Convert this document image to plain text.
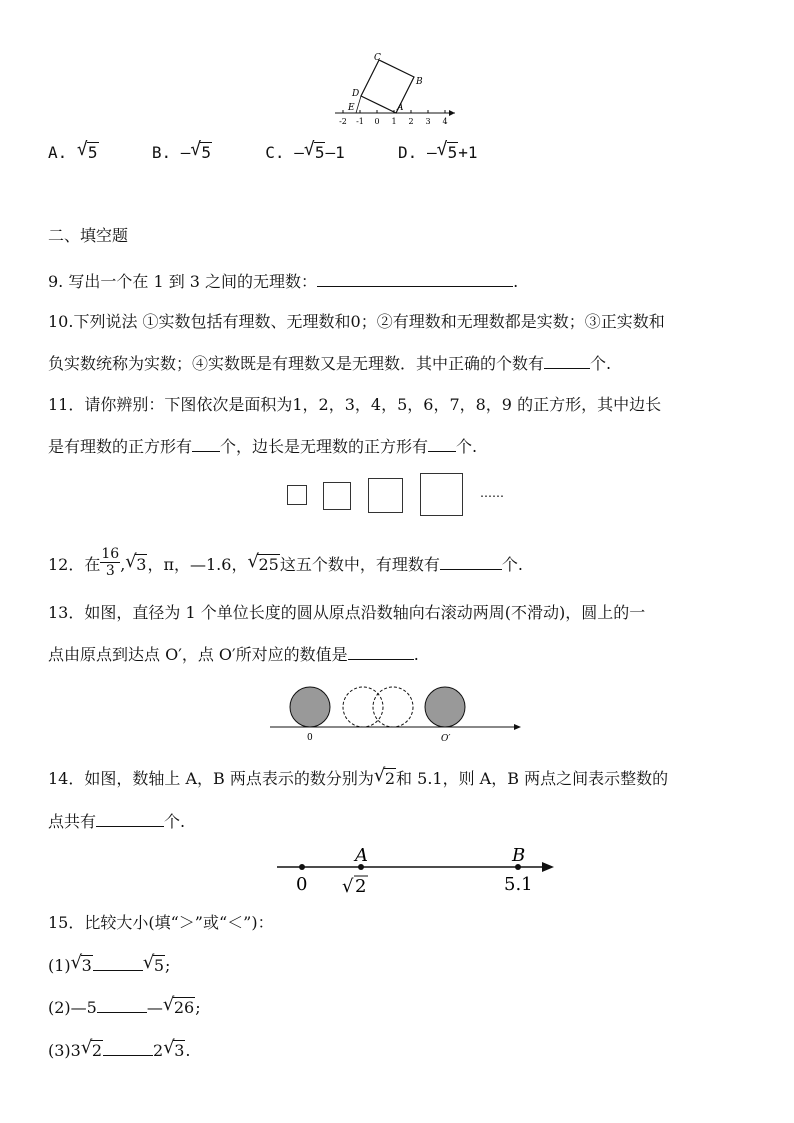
C
B
D
E	A
-2 -1 0 1 2 3 4
A. √ 5	B. — √ 5	C. — √ 5—1	D. — √ 5+1
二、填空题
9. 写出一个在 1 到 3 之间的无理数：	.
10.下列说法 ①实数包括有理数、无理数和0；②有理数和无理数都是实数；③正实数和
负实数统称为实数；④实数既是有理数又是无理数．其中正确的个数有	个.
11．请你辨别：下图依次是面积为1，2，3，4，5，6，7，8，9 的正方形，其中边长
是有理数的正方形有 个，边长是无理数的正方形有 个.
……
12．在 $\frac{16}{3}$ , √ 3，π，—1.6， √ 25这五个数中，有理数有	个.
13．如图，直径为 1 个单位长度的圆从原点沿数轴向右滚动两周(不滑动)，圆上的一
点由原点到达点 O′，点 O′所对应的数值是	.
0	O′
14．如图，数轴上 A，B 两点表示的数分别为 √ 2和 5.1，则 A，B 两点之间表示整数的
点共有	个.
A	B
0 √ 2	5.1
15．比较大小(填“＞”或“＜”)：
(1) √ 3	√ 5;
(2)—5	— √ 26;
(3)3 √ 2	2 √ 3.
